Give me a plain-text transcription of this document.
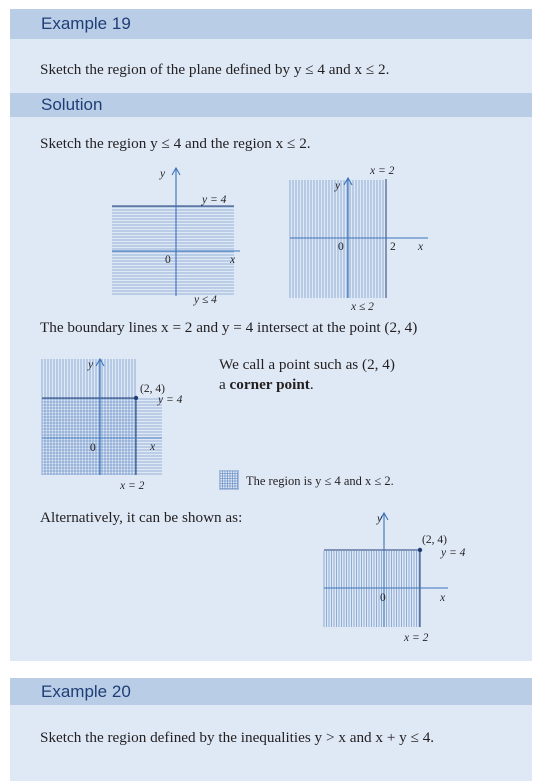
Example 19
Sketch the region of the plane defined by y ≤ 4 and x ≤ 2.
Solution
Sketch the region y ≤ 4 and the region x ≤ 2.
y
x
0
y = 4
y ≤ 4
y
x
0	2
x = 2
x ≤ 2
The boundary lines x = 2 and y = 4 intersect at the point (2, 4)
y
x
0
(2, 4)
y = 4
x = 2
We call a point such as (2, 4)
a corner point.
The region is y ≤ 4 and x ≤ 2.
Alternatively, it can be shown as:	y
x
0
(2, 4)
y = 4
x = 2
Example 20
Sketch the region defined by the inequalities y > x and x + y ≤ 4.
